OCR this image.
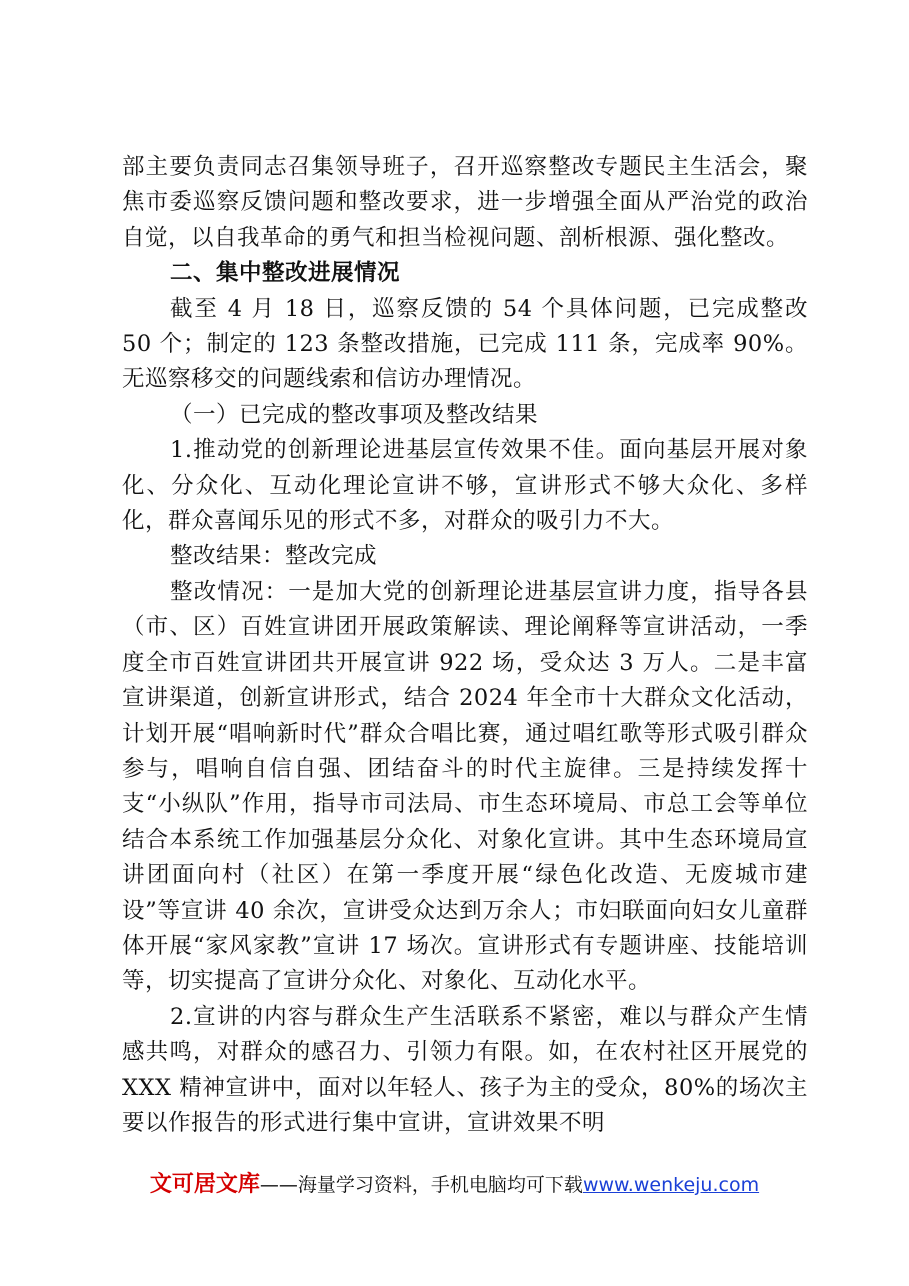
部主要负责同志召集领导班子，召开巡察整改专题民主生活会，聚焦市委巡察反馈问题和整改要求，进一步增强全面从严治党的政治自觉，以自我革命的勇气和担当检视问题、剖析根源、强化整改。

二、集中整改进展情况

截至 4 月 18 日，巡察反馈的 54 个具体问题，已完成整改 50 个；制定的 123 条整改措施，已完成 111 条，完成率 90%。无巡察移交的问题线索和信访办理情况。

（一）已完成的整改事项及整改结果

1.推动党的创新理论进基层宣传效果不佳。面向基层开展对象化、分众化、互动化理论宣讲不够，宣讲形式不够大众化、多样化，群众喜闻乐见的形式不多，对群众的吸引力不大。

整改结果：整改完成

整改情况：一是加大党的创新理论进基层宣讲力度，指导各县（市、区）百姓宣讲团开展政策解读、理论阐释等宣讲活动，一季度全市百姓宣讲团共开展宣讲 922 场，受众达 3 万人。二是丰富宣讲渠道，创新宣讲形式，结合 2024 年全市十大群众文化活动，计划开展“唱响新时代”群众合唱比赛，通过唱红歌等形式吸引群众参与，唱响自信自强、团结奋斗的时代主旋律。三是持续发挥十支“小纵队”作用，指导市司法局、市生态环境局、市总工会等单位结合本系统工作加强基层分众化、对象化宣讲。其中生态环境局宣讲团面向村（社区）在第一季度开展“绿色化改造、无废城市建设”等宣讲 40 余次，宣讲受众达到万余人；市妇联面向妇女儿童群体开展“家风家教”宣讲 17 场次。宣讲形式有专题讲座、技能培训等，切实提高了宣讲分众化、对象化、互动化水平。

2.宣讲的内容与群众生产生活联系不紧密，难以与群众产生情感共鸣，对群众的感召力、引领力有限。如，在农村社区开展党的 XXX 精神宣讲中，面对以年轻人、孩子为主的受众，80%的场次主要以作报告的形式进行集中宣讲，宣讲效果不明

文可居文库——海量学习资料，手机电脑均可下载www.wenkeju.com
